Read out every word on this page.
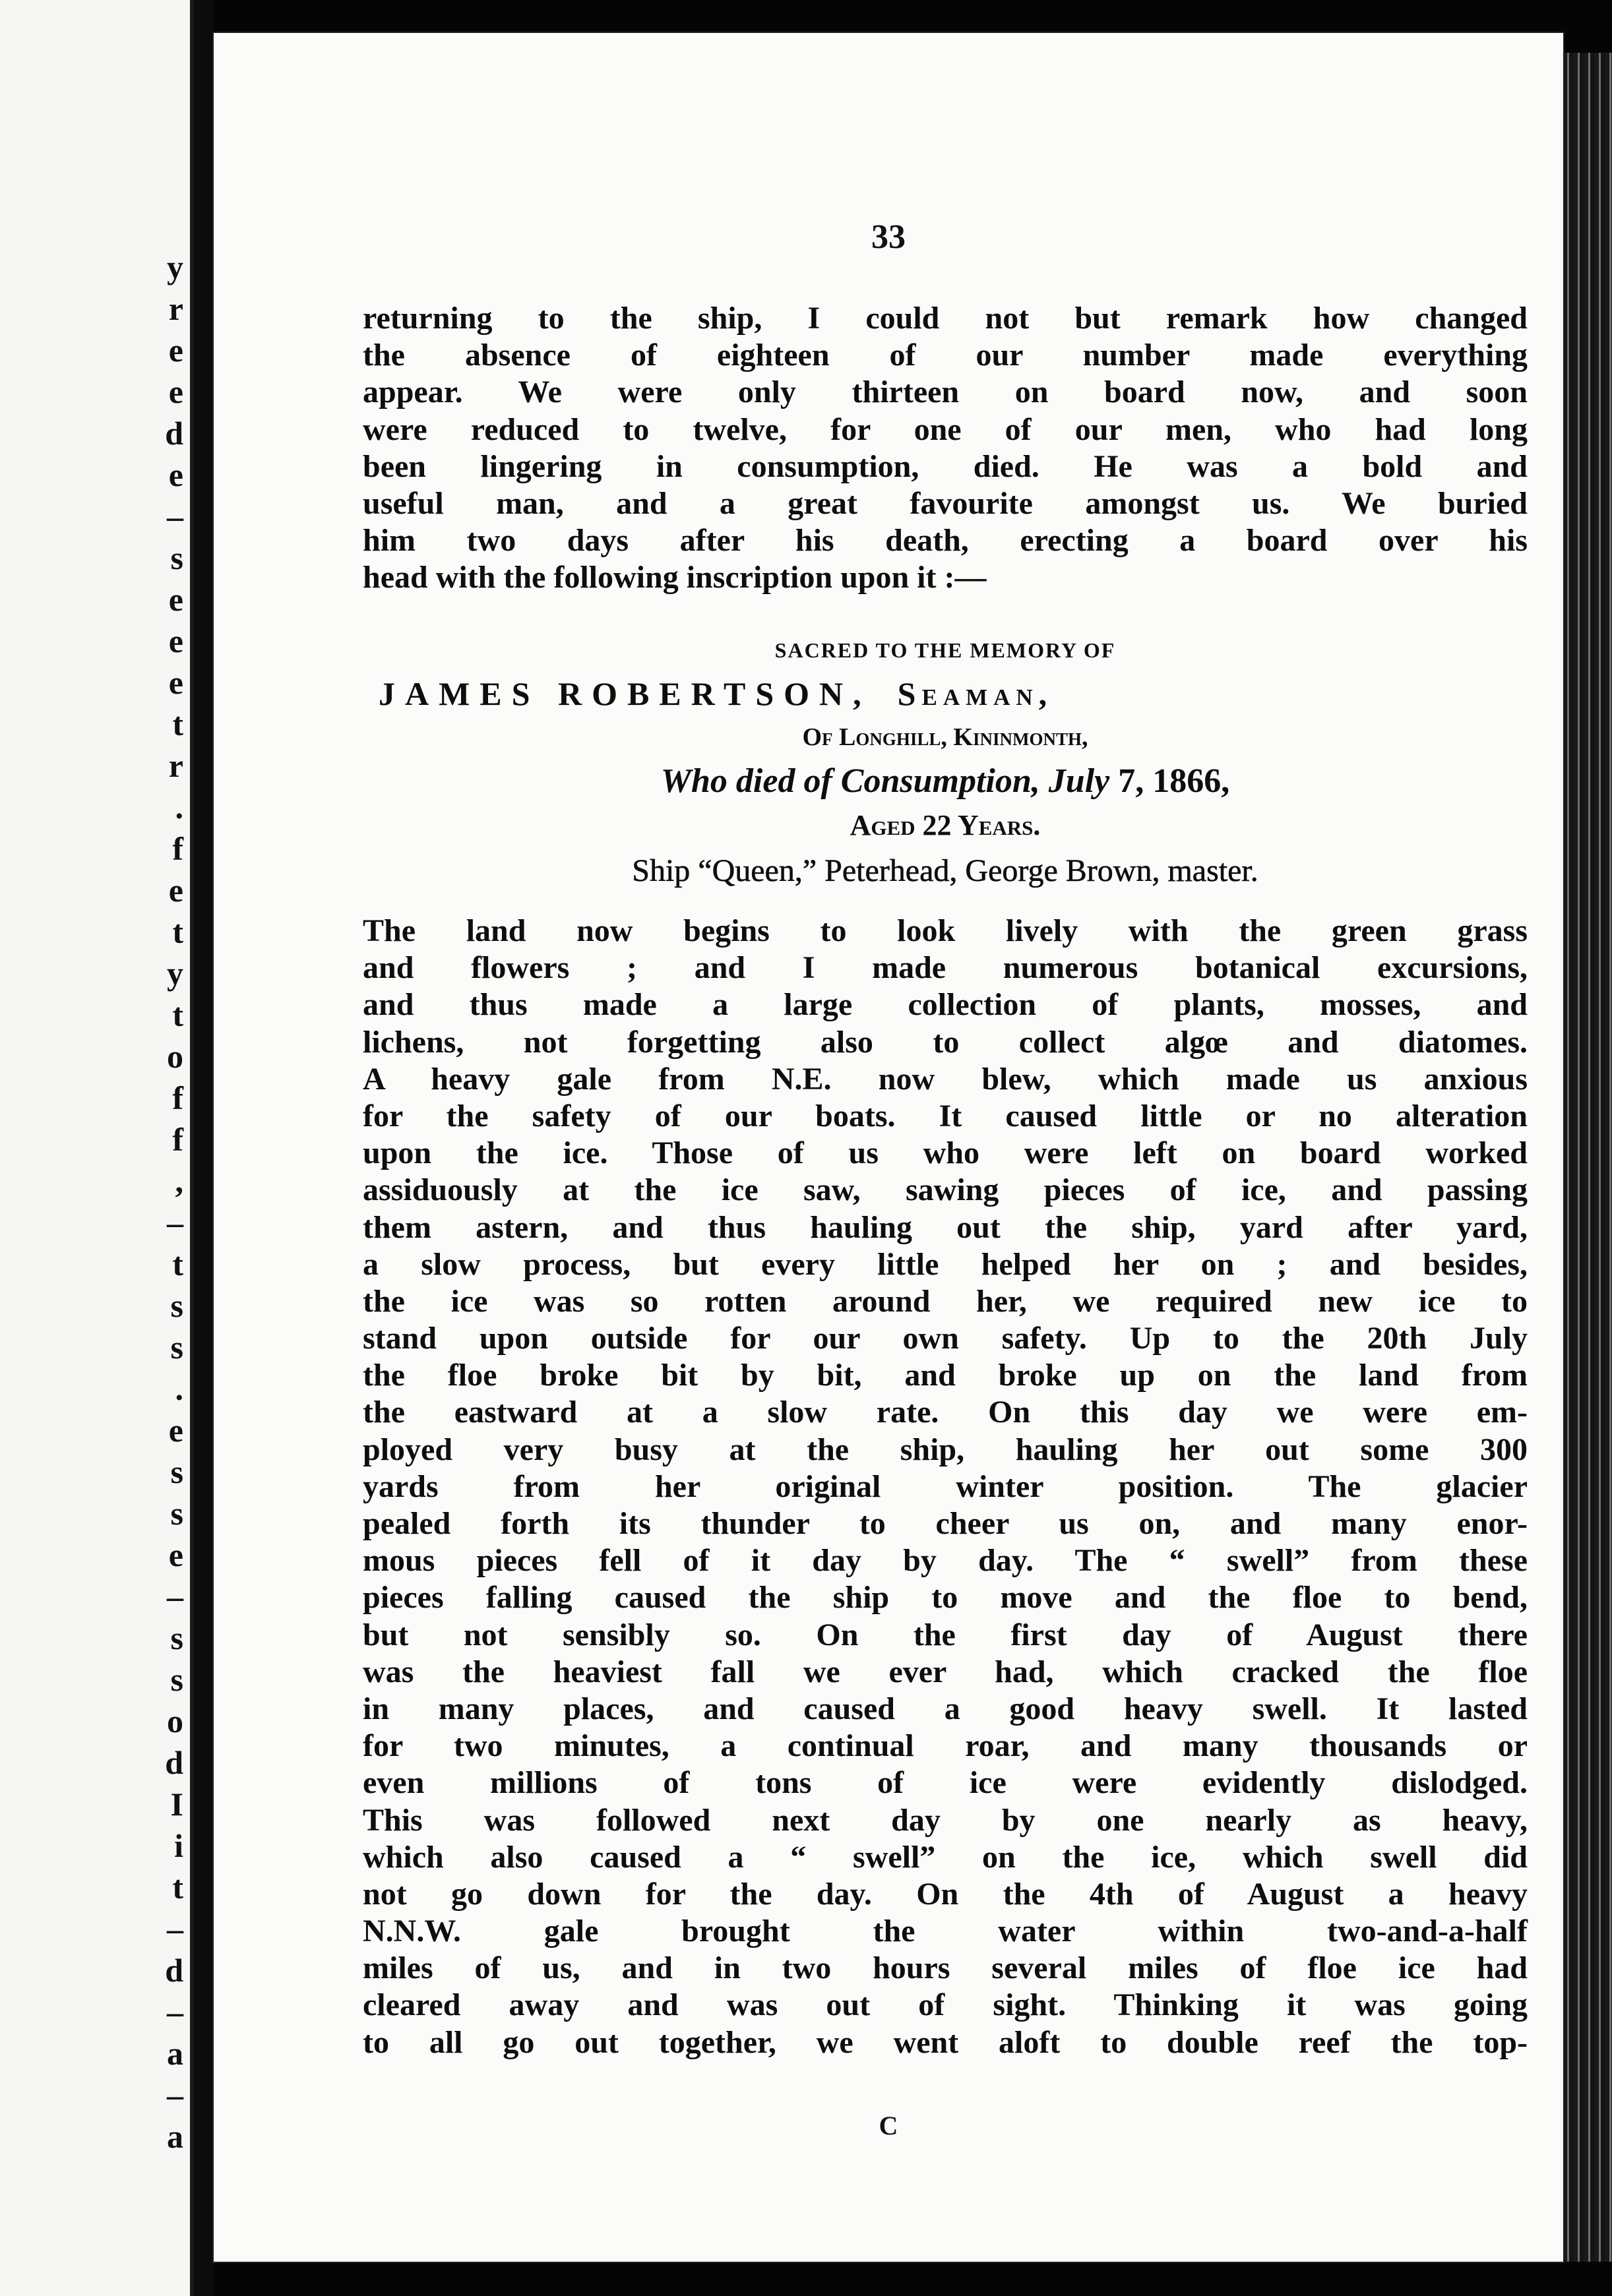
y
r
e
e
d
e
–
s
e
e
e
t
r
.
f
e
t
y
t
o
f
f
,
–
t
s
s
.
e
s
s
e
–
s
s
o
d
I
i
t
–
d
–
a
–
a
33
returning to the ship, I could not but remark how changed
the absence of eighteen of our number made everything
appear. We were only thirteen on board now, and soon
were reduced to twelve, for one of our men, who had long
been lingering in consumption, died. He was a bold and
useful man, and a great favourite amongst us. We buried
him two days after his death, erecting a board over his
head with the following inscription upon it :—
SACRED TO THE MEMORY OF
JAMES ROBERTSON, Seaman,
Of Longhill, Kininmonth,
Who died of Consumption, July 7, 1866,
Aged 22 Years.
Ship “Queen,” Peterhead, George Brown, master.
The land now begins to look lively with the green grass
and flowers ; and I made numerous botanical excursions,
and thus made a large collection of plants, mosses, and
lichens, not forgetting also to collect algœ and diatomes.
A heavy gale from N.E. now blew, which made us anxious
for the safety of our boats. It caused little or no alteration
upon the ice. Those of us who were left on board worked
assiduously at the ice saw, sawing pieces of ice, and passing
them astern, and thus hauling out the ship, yard after yard,
a slow process, but every little helped her on ; and besides,
the ice was so rotten around her, we required new ice to
stand upon outside for our own safety. Up to the 20th July
the floe broke bit by bit, and broke up on the land from
the eastward at a slow rate. On this day we were em-
ployed very busy at the ship, hauling her out some 300
yards from her original winter position. The glacier
pealed forth its thunder to cheer us on, and many enor-
mous pieces fell of it day by day. The “ swell” from these
pieces falling caused the ship to move and the floe to bend,
but not sensibly so. On the first day of August there
was the heaviest fall we ever had, which cracked the floe
in many places, and caused a good heavy swell. It lasted
for two minutes, a continual roar, and many thousands or
even millions of tons of ice were evidently dislodged.
This was followed next day by one nearly as heavy,
which also caused a “ swell” on the ice, which swell did
not go down for the day. On the 4th of August a heavy
N.N.W. gale brought the water within two-and-a-half
miles of us, and in two hours several miles of floe ice had
cleared away and was out of sight. Thinking it was going
to all go out together, we went aloft to double reef the top-
C
